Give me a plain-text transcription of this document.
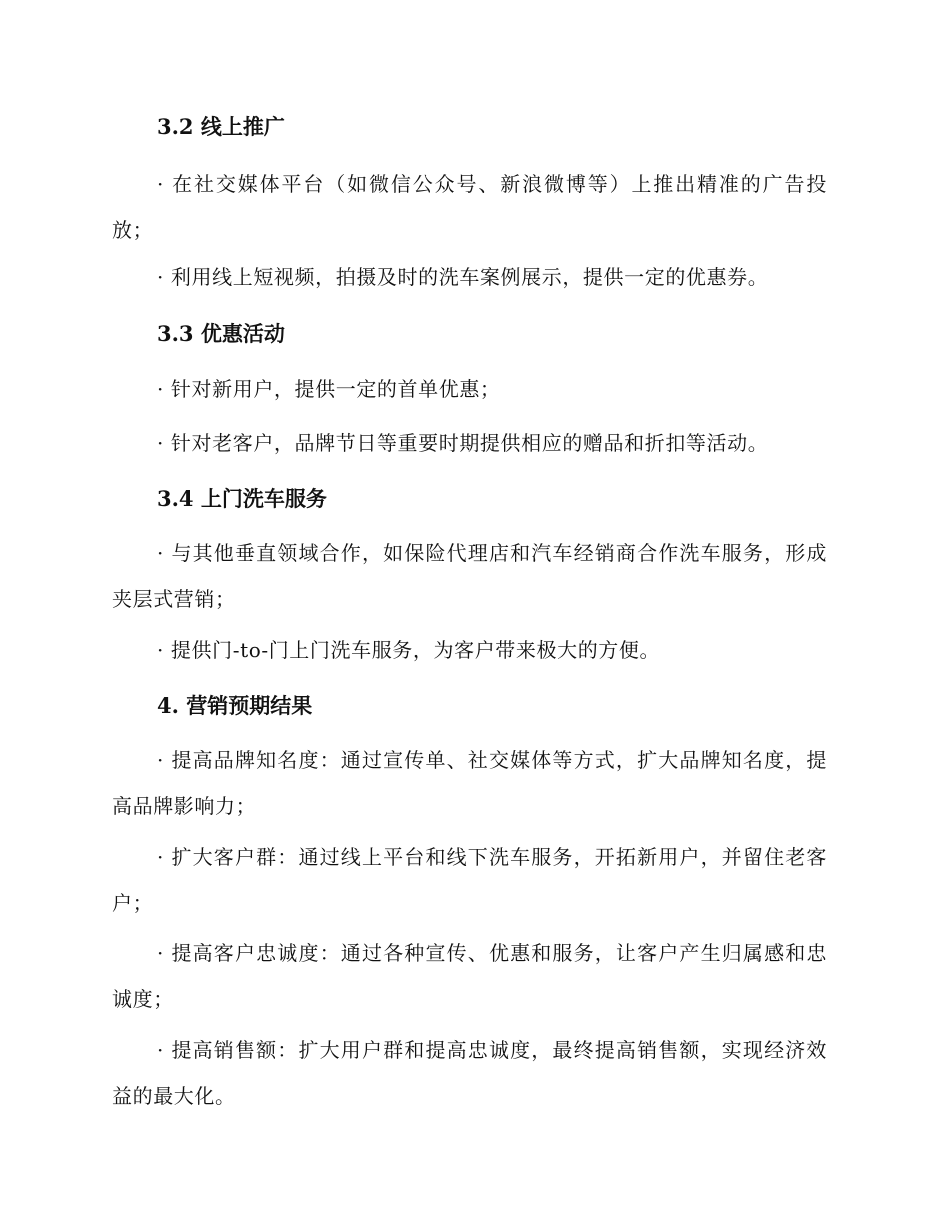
3.2 线上推广
· 在社交媒体平台（如微信公众号、新浪微博等）上推出精准的广告投放；
· 利用线上短视频，拍摄及时的洗车案例展示，提供一定的优惠券。
3.3 优惠活动
· 针对新用户，提供一定的首单优惠；
· 针对老客户，品牌节日等重要时期提供相应的赠品和折扣等活动。
3.4 上门洗车服务
· 与其他垂直领域合作，如保险代理店和汽车经销商合作洗车服务，形成夹层式营销；
· 提供门-to-门上门洗车服务，为客户带来极大的方便。
4. 营销预期结果
· 提高品牌知名度：通过宣传单、社交媒体等方式，扩大品牌知名度，提高品牌影响力；
· 扩大客户群：通过线上平台和线下洗车服务，开拓新用户，并留住老客户；
· 提高客户忠诚度：通过各种宣传、优惠和服务，让客户产生归属感和忠诚度；
· 提高销售额：扩大用户群和提高忠诚度，最终提高销售额，实现经济效益的最大化。
